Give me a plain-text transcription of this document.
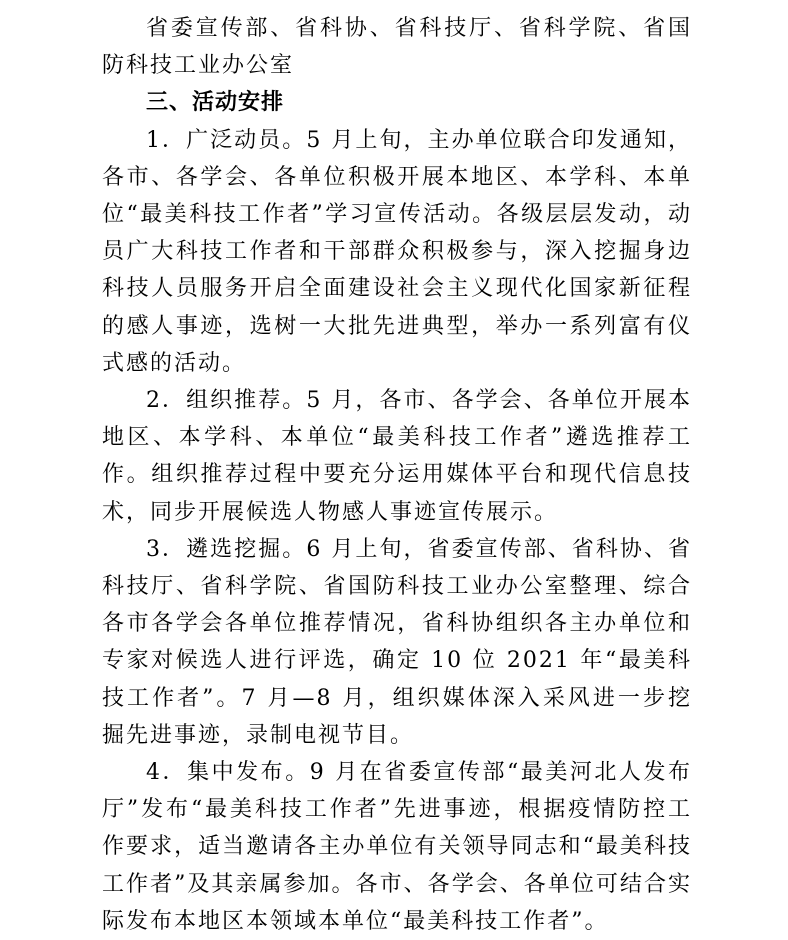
省委宣传部、省科协、省科技厅、省科学院、省国防科技工业办公室

三、活动安排

1．广泛动员。5 月上旬，主办单位联合印发通知，各市、各学会、各单位积极开展本地区、本学科、本单位“最美科技工作者”学习宣传活动。各级层层发动，动员广大科技工作者和干部群众积极参与，深入挖掘身边科技人员服务开启全面建设社会主义现代化国家新征程的感人事迹，选树一大批先进典型，举办一系列富有仪式感的活动。

2．组织推荐。5 月，各市、各学会、各单位开展本地区、本学科、本单位“最美科技工作者”遴选推荐工作。组织推荐过程中要充分运用媒体平台和现代信息技术，同步开展候选人物感人事迹宣传展示。

3．遴选挖掘。6 月上旬，省委宣传部、省科协、省科技厅、省科学院、省国防科技工业办公室整理、综合各市各学会各单位推荐情况，省科协组织各主办单位和专家对候选人进行评选，确定 10 位 2021 年“最美科技工作者”。7 月—8 月，组织媒体深入采风进一步挖掘先进事迹，录制电视节目。

4．集中发布。9 月在省委宣传部“最美河北人发布厅”发布“最美科技工作者”先进事迹，根据疫情防控工作要求，适当邀请各主办单位有关领导同志和“最美科技工作者”及其亲属参加。各市、各学会、各单位可结合实际发布本地区本领域本单位“最美科技工作者”。
